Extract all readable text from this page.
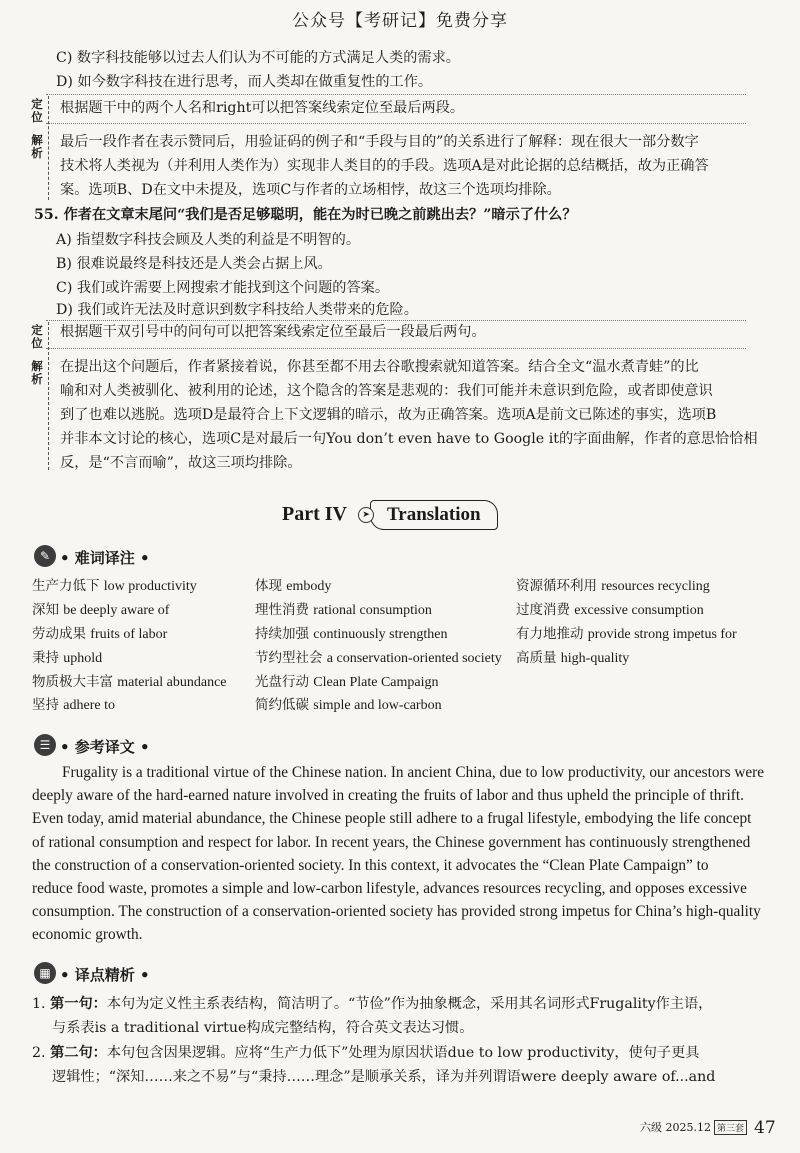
公众号【考研记】免费分享
C) 数字科技能够以过去人们认为不可能的方式满足人类的需求。
D) 如今数字科技在进行思考，而人类却在做重复性的工作。
定位
根据题干中的两个人名和right可以把答案线索定位至最后两段。
解析
最后一段作者在表示赞同后，用验证码的例子和“手段与目的”的关系进行了解释：现在很大一部分数字
技术将人类视为（并利用人类作为）实现非人类目的的手段。选项A是对此论据的总结概括，故为正确答
案。选项B、D在文中未提及，选项C与作者的立场相悖，故这三个选项均排除。
55. 作者在文章末尾问“我们是否足够聪明，能在为时已晚之前跳出去？”暗示了什么？
A) 指望数字科技会顾及人类的利益是不明智的。
B) 很难说最终是科技还是人类会占据上风。
C) 我们或许需要上网搜索才能找到这个问题的答案。
D) 我们或许无法及时意识到数字科技给人类带来的危险。
定位
根据题干双引号中的问句可以把答案线索定位至最后一段最后两句。
解析
在提出这个问题后，作者紧接着说，你甚至都不用去谷歌搜索就知道答案。结合全文“温水煮青蛙”的比
喻和对人类被驯化、被利用的论述，这个隐含的答案是悲观的：我们可能并未意识到危险，或者即使意识
到了也难以逃脱。选项D是最符合上下文逻辑的暗示，故为正确答案。选项A是前文已陈述的事实，选项B
并非本文讨论的核心，选项C是对最后一句You don’t even have to Google it的字面曲解，作者的意思恰恰相
反，是“不言而喻”，故这三项均排除。
Part IV	Translation
➤
✎ • 难词译注 •
生产力低下 low productivity	体现 embody	资源循环利用 resources recycling
深知 be deeply aware of	理性消费 rational consumption	过度消费 excessive consumption
劳动成果 fruits of labor	持续加强 continuously strengthen	有力地推动 provide strong impetus for
秉持 uphold	节约型社会 a conservation-oriented society 高质量 high-quality
物质极大丰富 material abundance 光盘行动 Clean Plate Campaign
坚持 adhere to	简约低碳 simple and low-carbon
☰ • 参考译文 •
Frugality is a traditional virtue of the Chinese nation. In ancient China, due to low productivity, our ancestors were
deeply aware of the hard-earned nature involved in creating the fruits of labor and thus upheld the principle of thrift.
Even today, amid material abundance, the Chinese people still adhere to a frugal lifestyle, embodying the life concept
of rational consumption and respect for labor. In recent years, the Chinese government has continuously strengthened
the construction of a conservation-oriented society. In this context, it advocates the “Clean Plate Campaign” to
reduce food waste, promotes a simple and low-carbon lifestyle, advances resources recycling, and opposes excessive
consumption. The construction of a conservation-oriented society has provided strong impetus for China’s high-quality
economic growth.
▦ • 译点精析 •
1. 第一句：本句为定义性主系表结构，简洁明了。“节俭”作为抽象概念，采用其名词形式Frugality作主语，
与系表is a traditional virtue构成完整结构，符合英文表达习惯。
2. 第二句：本句包含因果逻辑。应将“生产力低下”处理为原因状语due to low productivity，使句子更具
逻辑性；“深知……来之不易”与“秉持……理念”是顺承关系，译为并列谓语were deeply aware of...and
六级 2025.12 第三套 47
